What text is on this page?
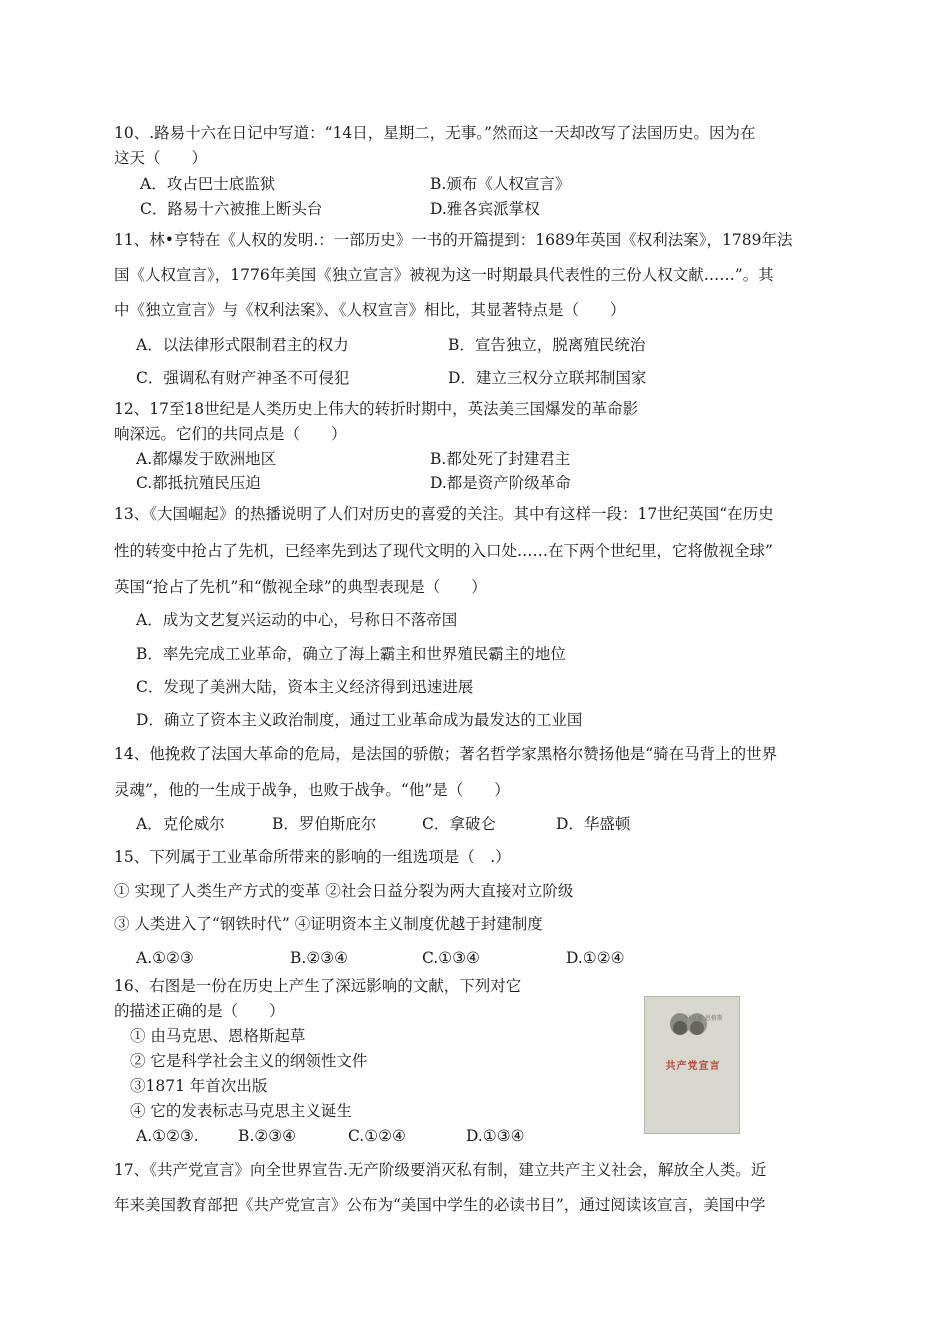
10、.路易十六在日记中写道：“14日，星期二，无事。”然而这一天却改写了法国历史。因为在
这天（　　）
A．攻占巴士底监狱	B.颁布《人权宣言》
C．路易十六被推上断头台	D.雅各宾派掌权
11、林•亨特在《人权的发明.：一部历史》一书的开篇提到：1689年英国《权利法案》，1789年法
国《人权宣言》，1776年美国《独立宣言》被视为这一时期最具代表性的三份人权文献……”。其
中《独立宣言》与《权利法案》、《人权宣言》相比，其显著特点是（　　）
A．以法律形式限制君主的权力	B．宣告独立，脱离殖民统治
C．强调私有财产神圣不可侵犯	D．建立三权分立联邦制国家
12、17至18世纪是人类历史上伟大的转折时期中，英法美三国爆发的革命影
响深远。它们的共同点是（　　）
A.都爆发于欧洲地区	B.都处死了封建君主
C.都抵抗殖民压迫	D.都是资产阶级革命
13、《大国崛起》的热播说明了人们对历史的喜爱的关注。其中有这样一段：17世纪英国“在历史
性的转变中抢占了先机，已经率先到达了现代文明的入口处……在下两个世纪里，它将傲视全球”
英国“抢占了先机”和“傲视全球”的典型表现是（　　）
A．成为文艺复兴运动的中心，号称日不落帝国
B．率先完成工业革命，确立了海上霸主和世界殖民霸主的地位
C．发现了美洲大陆，资本主义经济得到迅速进展
D．确立了资本主义政治制度，通过工业革命成为最发达的工业国
14、他挽救了法国大革命的危局，是法国的骄傲；著名哲学家黑格尔赞扬他是“骑在马背上的世界
灵魂”，他的一生成于战争，也败于战争。“他”是（　　）
A．克伦威尔	B．罗伯斯庇尔	C．拿破仑	D．华盛顿
15、下列属于工业革命所带来的影响的一组选项是（　.）
① 实现了人类生产方式的变革 ②社会日益分裂为两大直接对立阶级
③ 人类进入了“钢铁时代” ④证明资本主义制度优越于封建制度
A.①②③	B.②③④	C.①③④	D.①②④
16、右图是一份在历史上产生了深远影响的文献，下列对它
的描述正确的是（　　）
① 由马克思、恩格斯起草
② 它是科学社会主义的纲领性文件
③1871 年首次出版
④ 它的发表标志马克思主义诞生
A.①②③.	B.②③④	C.①②④	D.①③④
马克思 恩格斯
共产党宣言
17、《共产党宣言》向全世界宣告.无产阶级要消灭私有制，建立共产主义社会，解放全人类。近
年来美国教育部把《共产党宣言》公布为“美国中学生的必读书目”，通过阅读该宣言，美国中学
